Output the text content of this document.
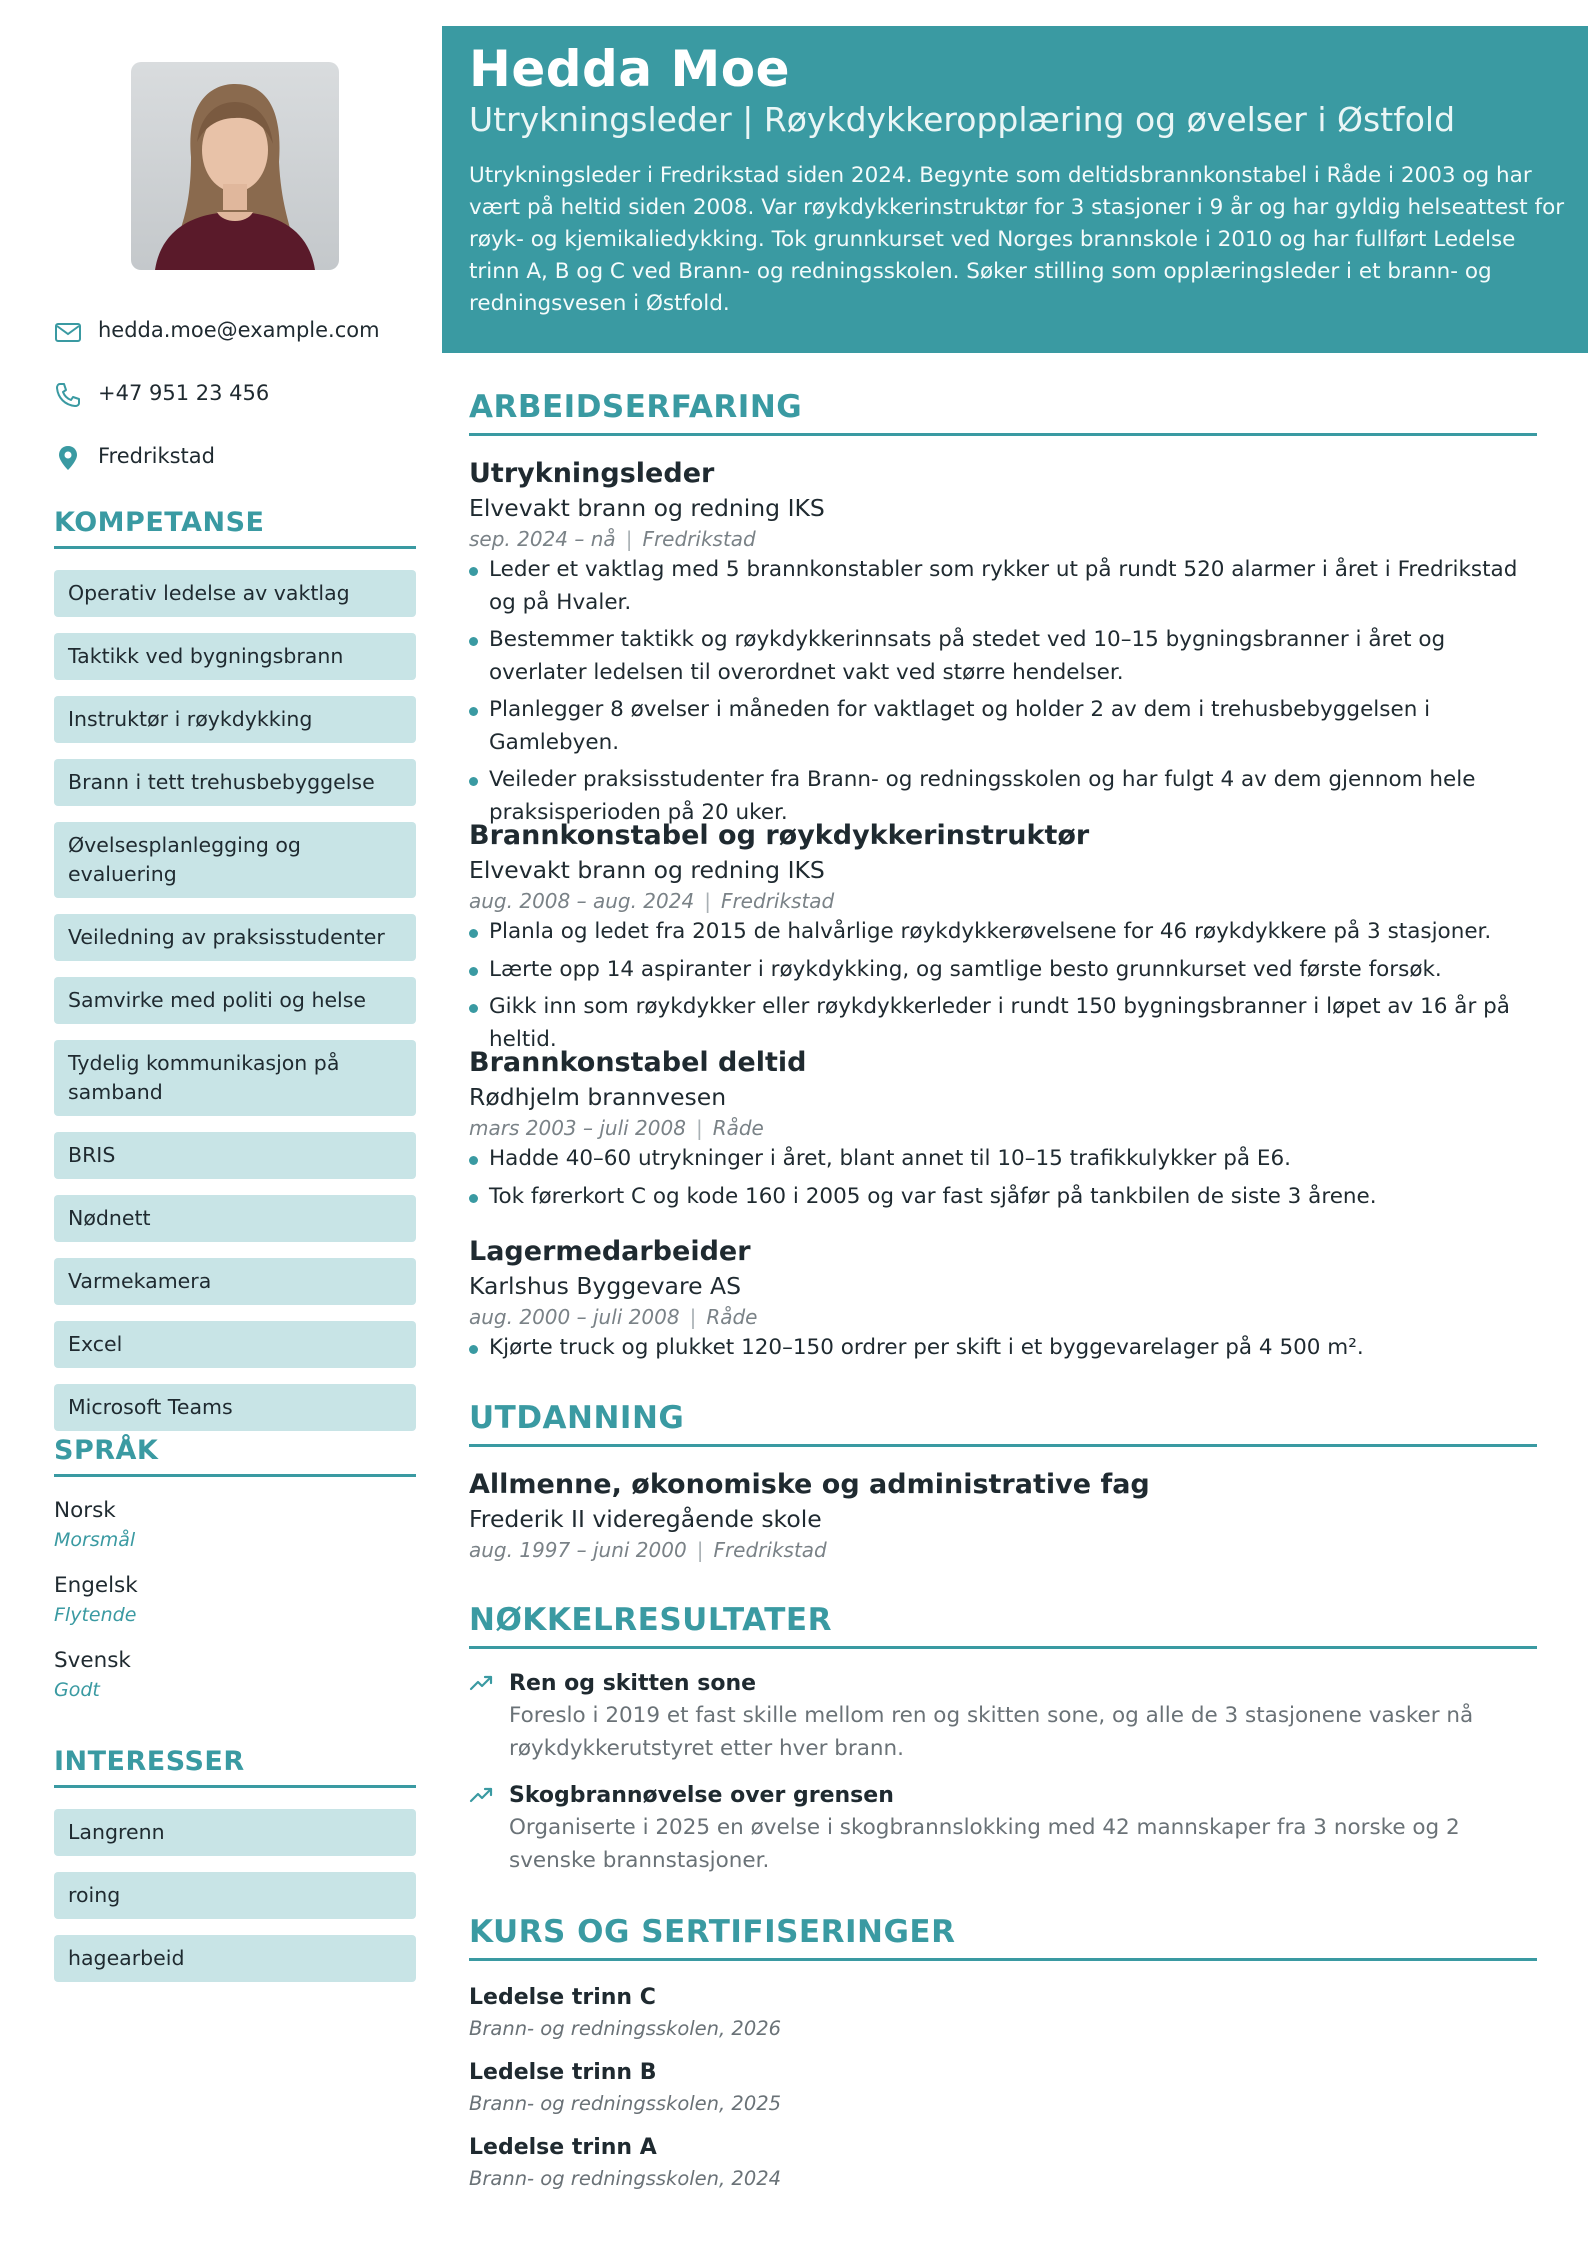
hedda.moe@example.com
+47 951 23 456
Fredrikstad
KOMPETANSE
Operativ ledelse av vaktlag
Taktikk ved bygningsbrann
Instruktør i røykdykking
Brann i tett trehusbebyggelse
Øvelsesplanlegging og evaluering
Veiledning av praksisstudenter
Samvirke med politi og helse
Tydelig kommunikasjon på samband
BRIS
Nødnett
Varmekamera
Excel
Microsoft Teams
SPRÅK
Norsk
Morsmål
Engelsk
Flytende
Svensk
Godt
INTERESSER
Langrenn
roing
hagearbeid
Hedda Moe
Utrykningsleder | Røykdykkeropplæring og øvelser i Østfold
Utrykningsleder i Fredrikstad siden 2024. Begynte som deltidsbrannkonstabel i Råde i 2003 og har vært på heltid siden 2008. Var røykdykkerinstruktør for 3 stasjoner i 9 år og har gyldig helseattest for røyk- og kjemikaliedykking. Tok grunnkurset ved Norges brannskole i 2010 og har fullført Ledelse trinn A, B og C ved Brann- og redningsskolen. Søker stilling som opplæringsleder i et brann- og redningsvesen i Østfold.
ARBEIDSERFARING
Utrykningsleder
Elvevakt brann og redning IKS
sep. 2024 – nå | Fredrikstad
Leder et vaktlag med 5 brannkonstabler som rykker ut på rundt 520 alarmer i året i Fredrikstad og på Hvaler.
Bestemmer taktikk og røykdykkerinnsats på stedet ved 10–15 bygningsbranner i året og overlater ledelsen til overordnet vakt ved større hendelser.
Planlegger 8 øvelser i måneden for vaktlaget og holder 2 av dem i trehusbebyggelsen i Gamlebyen.
Veileder praksisstudenter fra Brann- og redningsskolen og har fulgt 4 av dem gjennom hele praksisperioden på 20 uker.
Brannkonstabel og røykdykkerinstruktør
Elvevakt brann og redning IKS
aug. 2008 – aug. 2024 | Fredrikstad
Planla og ledet fra 2015 de halvårlige røykdykkerøvelsene for 46 røykdykkere på 3 stasjoner.
Lærte opp 14 aspiranter i røykdykking, og samtlige besto grunnkurset ved første forsøk.
Gikk inn som røykdykker eller røykdykkerleder i rundt 150 bygningsbranner i løpet av 16 år på heltid.
Brannkonstabel deltid
Rødhjelm brannvesen
mars 2003 – juli 2008 | Råde
Hadde 40–60 utrykninger i året, blant annet til 10–15 trafikkulykker på E6.
Tok førerkort C og kode 160 i 2005 og var fast sjåfør på tankbilen de siste 3 årene.
Lagermedarbeider
Karlshus Byggevare AS
aug. 2000 – juli 2008 | Råde
Kjørte truck og plukket 120–150 ordrer per skift i et byggevarelager på 4 500 m².
UTDANNING
Allmenne, økonomiske og administrative fag
Frederik II videregående skole
aug. 1997 – juni 2000 | Fredrikstad
NØKKELRESULTATER
Ren og skitten sone
Foreslo i 2019 et fast skille mellom ren og skitten sone, og alle de 3 stasjonene vasker nå røykdykkerutstyret etter hver brann.
Skogbrannøvelse over grensen
Organiserte i 2025 en øvelse i skogbrannslokking med 42 mannskaper fra 3 norske og 2 svenske brannstasjoner.
KURS OG SERTIFISERINGER
Ledelse trinn C
Brann- og redningsskolen, 2026
Ledelse trinn B
Brann- og redningsskolen, 2025
Ledelse trinn A
Brann- og redningsskolen, 2024
